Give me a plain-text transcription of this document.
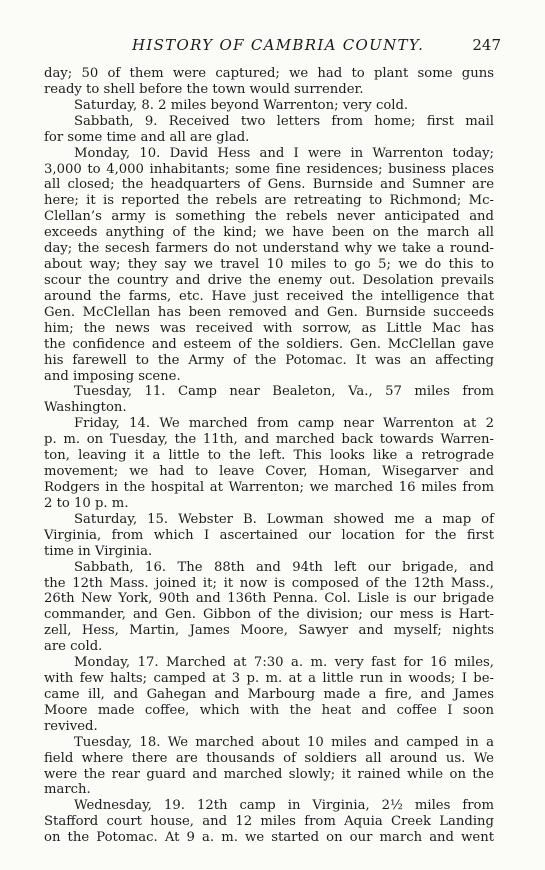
HISTORY OF CAMBRIA COUNTY.	247
day; 50 of them were captured; we had to plant some guns
ready to shell before the town would surrender.
Saturday, 8. 2 miles beyond Warrenton; very cold.
Sabbath, 9. Received two letters from home; first mail
for some time and all are glad.
Monday, 10. David Hess and I were in Warrenton today;
3,000 to 4,000 inhabitants; some fine residences; business places
all closed; the headquarters of Gens. Burnside and Sumner are
here; it is reported the rebels are retreating to Richmond; Mc-
Clellan’s army is something the rebels never anticipated and
exceeds anything of the kind; we have been on the march all
day; the secesh farmers do not understand why we take a round-
about way; they say we travel 10 miles to go 5; we do this to
scour the country and drive the enemy out. Desolation prevails
around the farms, etc. Have just received the intelligence that
Gen. McClellan has been removed and Gen. Burnside succeeds
him; the news was received with sorrow, as Little Mac has
the confidence and esteem of the soldiers. Gen. McClellan gave
his farewell to the Army of the Potomac. It was an affecting
and imposing scene.
Tuesday, 11. Camp near Bealeton, Va., 57 miles from
Washington.
Friday, 14. We marched from camp near Warrenton at 2
p. m. on Tuesday, the 11th, and marched back towards Warren-
ton, leaving it a little to the left. This looks like a retrograde
movement; we had to leave Cover, Homan, Wisegarver and
Rodgers in the hospital at Warrenton; we marched 16 miles from
2 to 10 p. m.
Saturday, 15. Webster B. Lowman showed me a map of
Virginia, from which I ascertained our location for the first
time in Virginia.
Sabbath, 16. The 88th and 94th left our brigade, and
the 12th Mass. joined it; it now is composed of the 12th Mass.,
26th New York, 90th and 136th Penna. Col. Lisle is our brigade
commander, and Gen. Gibbon of the division; our mess is Hart-
zell, Hess, Martin, James Moore, Sawyer and myself; nights
are cold.
Monday, 17. Marched at 7:30 a. m. very fast for 16 miles,
with few halts; camped at 3 p. m. at a little run in woods; I be-
came ill, and Gahegan and Marbourg made a fire, and James
Moore made coffee, which with the heat and coffee I soon
revived.
Tuesday, 18. We marched about 10 miles and camped in a
field where there are thousands of soldiers all around us. We
were the rear guard and marched slowly; it rained while on the
march.
Wednesday, 19. 12th camp in Virginia, 2½ miles from
Stafford court house, and 12 miles from Aquia Creek Landing
on the Potomac. At 9 a. m. we started on our march and went
